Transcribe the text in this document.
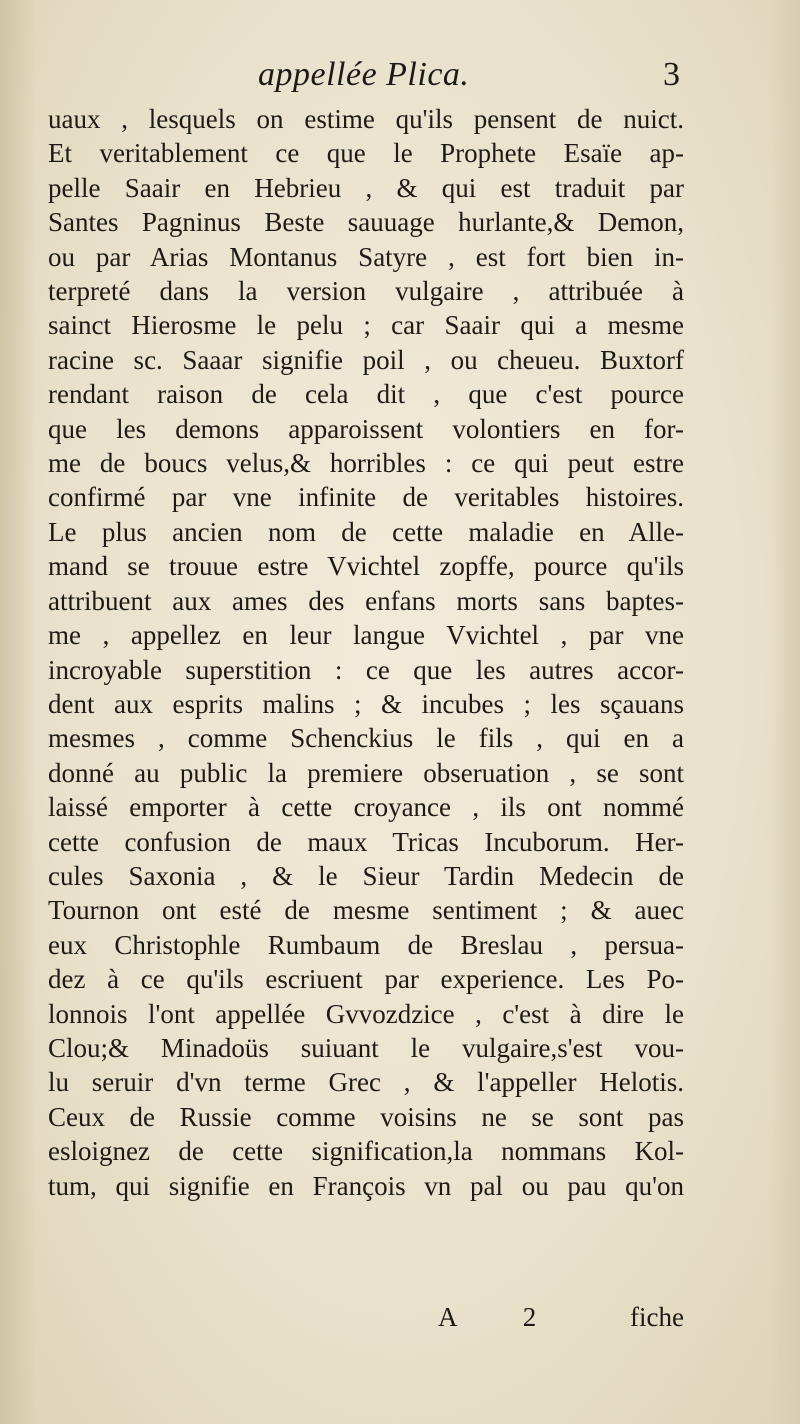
appellée Plica.	3
uaux , lesquels on estime qu'ils pensent de nuict.
Et veritablement ce que le Prophete Esaïe ap-
pelle Saair en Hebrieu , & qui est traduit par
Santes Pagninus Beste sauuage hurlante,& Demon,
ou par Arias Montanus Satyre , est fort bien in-
terpreté dans la version vulgaire , attribuée à
sainct Hierosme le pelu ; car Saair qui a mesme
racine sc. Saaar signifie poil , ou cheueu. Buxtorf
rendant raison de cela dit , que c'est pource
que les demons apparoissent volontiers en for-
me de boucs velus,& horribles : ce qui peut estre
confirmé par vne infinite de veritables histoires.
Le plus ancien nom de cette maladie en Alle-
mand se trouue estre Vvichtel zopffe, pource qu'ils
attribuent aux ames des enfans morts sans baptes-
me , appellez en leur langue Vvichtel , par vne
incroyable superstition : ce que les autres accor-
dent aux esprits malins ; & incubes ; les sçauans
mesmes , comme Schenckius le fils , qui en a
donné au public la premiere obseruation , se sont
laissé emporter à cette croyance , ils ont nommé
cette confusion de maux Tricas Incuborum. Her-
cules Saxonia , & le Sieur Tardin Medecin de
Tournon ont esté de mesme sentiment ; & auec
eux Christophle Rumbaum de Breslau , persua-
dez à ce qu'ils escriuent par experience. Les Po-
lonnois l'ont appellée Gvvozdzice , c'est à dire le
Clou;& Minadoüs suiuant le vulgaire,s'est vou-
lu seruir d'vn terme Grec , & l'appeller Helotis.
Ceux de Russie comme voisins ne se sont pas
esloignez de cette signification,la nommans Kol-
tum, qui signifie en François vn pal ou pau qu'on
A 2 fiche
